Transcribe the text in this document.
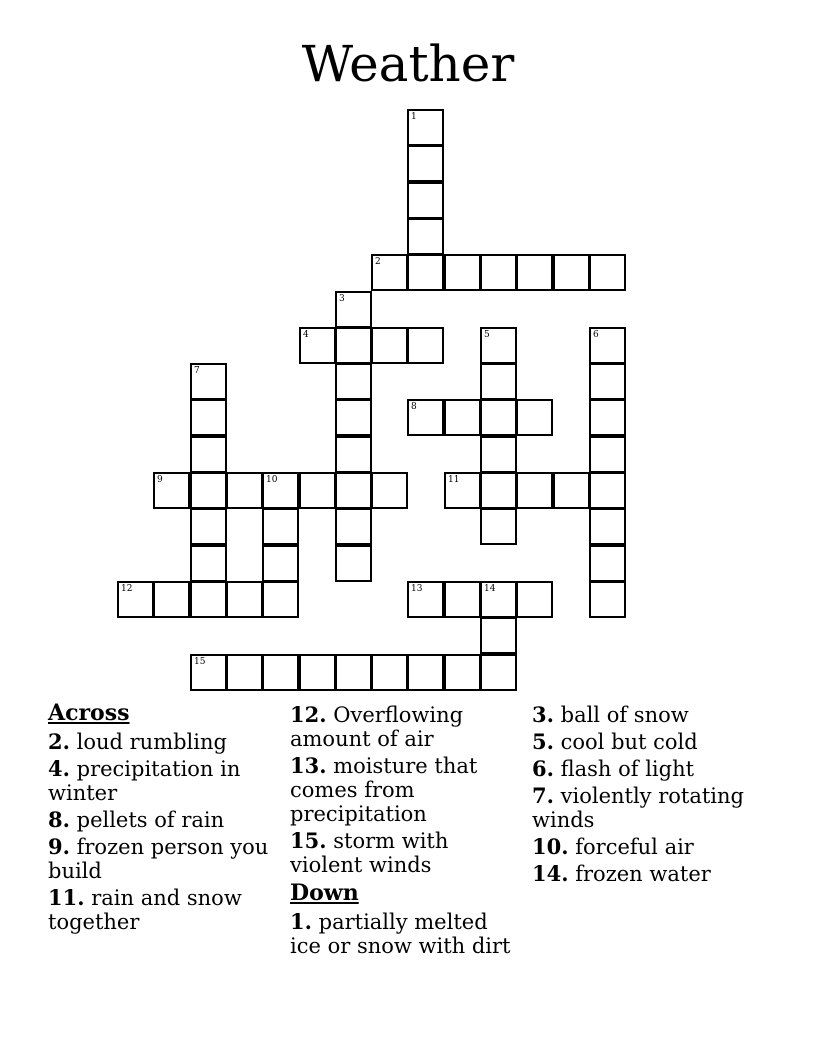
Weather
1
2
3
4	5	6
7
8
9	10	11
12	13	14
15
Across
2. loud rumbling
4. precipitation in winter
8. pellets of rain
9. frozen person you build
11. rain and snow together
12. Overflowing amount of air
13. moisture that comes from precipitation
15. storm with violent winds
Down
1. partially melted ice or snow with dirt
3. ball of snow
5. cool but cold
6. flash of light
7. violently rotating winds
10. forceful air
14. frozen water
